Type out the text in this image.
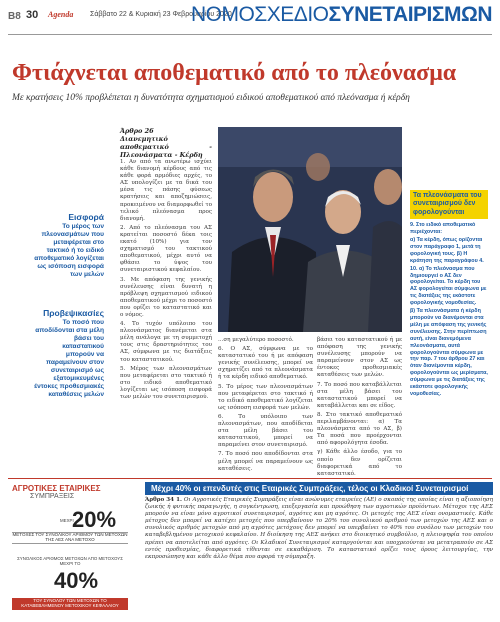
B8 30 Agenda Σάββατο 22 & Κυριακή 23 Φεβρουαρίου 2020
ΝΟΜΟΣΧΕΔΙΟΣΥΝΕΤΑΙΡΙΣΜΩΝ
Φτιάχνεται αποθεματικό από το πλεόνασμα
Με κρατήσεις 10% προβλέπεται η δυνατότητα σχηματισμού ειδικού αποθεματικού από πλεόνασμα ή κέρδη
Εισφορά
Το μέρος των πλεονασμάτων που μεταφέρεται στο τακτικό ή το ειδικό αποθεματικό λογίζεται ως ισόποση εισφορά των μελών
Προβεψικασίες
Το ποσό που αποδίδονται στα μέλη βάσει του καταστατικού μπορούν να παραμείνουν στον συνεταιρισμό ως εξατομικευμένες έντοκες προθεσμιακές καταθέσεις μελών
Άρθρο 26
Διανεμητικό αποθεματικό - Πλεονάσματα - Κέρδη

1. Αν από τα ανωτέρω ισχύει κάθε διανομή κέρδους από τις κάθε φορά αρμόδιες αρχές, το ΑΣ υπολογίζει με τα δικά του μέσα τις πάσης φύσεως κρατήσεις και αποζημιώσεις, προκειμένου να διαμορφωθεί το τελικό πλεόνασμα προς διανομή.

2. Από το πλεόνασμα του ΑΣ κρατείται ποσοστό δέκα τοις εκατό (10%) για τον σχηματισμό του τακτικού αποθεματικού, μέχρι αυτό να φθάσει το ύψος του συνεταιριστικού κεφαλαίου.

3. Με απόφαση της γενικής συνέλευσης είναι δυνατή η πρόβλεψη σχηματισμού ειδικού αποθεματικού μέχρι το ποσοστό που ορίζει το καταστατικό και ο νόμος.

4. Το τυχόν υπόλοιπο του πλεονάσματος διανέμεται στα μέλη ανάλογα με τη συμμετοχή τους στις δραστηριότητες του ΑΣ, σύμφωνα με τις διατάξεις του καταστατικού.

5. Μέρος των πλεονασμάτων που μεταφέρεται στο τακτικό ή στο ειδικό αποθεματικό λογίζεται ως ισόποση εισφορά των μελών του συνεταιρισμού.

...ση μεγαλύτερο ποσοστό.

6. Ο ΑΣ, σύμφωνα με το καταστατικό του ή με απόφαση γενικής συνέλευσης, μπορεί να σχηματίζει από τα πλεονάσματα ή τα κέρδη ειδικό αποθεματικό.

5. Το μέρος των πλεονασμάτων που μεταφέρεται στο τακτικό ή το ειδικό αποθεματικό λογίζεται ως ισόποση εισφορά των μελών.

6. Το υπόλοιπο των πλεονασμάτων, που αποδίδεται στα μέλη βάσει του καταστατικού, μπορεί να παραμείνει στον συνεταιρισμό.

7. Το ποσό που αποδίδονται στα μέλη μπορεί να παραμείνουν ως καταθέσεις.

βάσει του καταστατικού ή με απόφαση της γενικής συνέλευσης μπορούν να παραμείνουν στον ΑΣ ως έντοκες προθεσμιακές καταθέσεις των μελών.

7. Το ποσό που καταβάλλεται στα μέλη βάσει του καταστατικού μπορεί να καταβάλλεται και σε είδος.

8. Στο τακτικό αποθεματικό περιλαμβάνονται: α) Τα πλεονάσματα από το ΑΣ, β) Τα ποσά που προέρχονται από αφορολόγητα έσοδα.

γ) Κάθε άλλο έσοδο, για το οποίο δεν ορίζεται διαφορετικά από το καταστατικό.

Τα πλεονάσματα του συνεταιρισμού δεν φορολογούνται

9. Στο ειδικό αποθεματικό περιέχονται:

α) Τα κέρδη, όπως ορίζονται στον παράγραφο 1, μετά τη φορολογική τους. β) Η κράτηση της παραγράφου 4.

10. α) Το πλεόνασμα που δημιουργεί ο ΑΣ δεν φορολογείται. Το κέρδη του ΑΣ φορολογείται σύμφωνα με τις διατάξεις της εκάστοτε φορολογικής νομοθεσίας.

β) Τα πλεονάσματα ή κέρδη μπορούν να διανέμονται στα μέλη με απόφαση της γενικής συνέλευσης. Στην περίπτωση αυτή, είναι διανεμόμενα πλεονάσματα, αυτά φορολογούνται σύμφωνα με την παρ. 7 του άρθρου 27 και όταν διανέμονται κέρδη, φορολογούνται ως μερίσματα, σύμφωνα με τις διατάξεις της εκάστοτε φορολογικής νομοθεσίας.

ΑΓΡΟΤΙΚΕΣ ΕΤΑΙΡΙΚΕΣ
ΣΥΜΠΡΑΞΕΙΣ
ΜΕΧΡΙ
20%
ΜΕΤΟΧΕΣ ΤΟΥ ΣΥΝΟΛΙΚΟΥ ΑΡΙΘΜΟΥ ΤΩΝ ΜΕΤΟΧΩΝ ΤΗΣ ΑΕΣ ΑΝΑ ΜΕΤΟΧΟ
ΣΥΝΟΛΙΚΟΣ ΑΡΙΘΜΟΣ ΜΕΤΟΧΩΝ ΑΠΟ ΜΕΤΟΧΟΥΣ ΜΕΧΡΙ ΤΟ
40%
ΤΟΥ ΣΥΝΟΛΟΥ ΤΩΝ ΜΕΤΟΧΩΝ ΤΟ ΚΑΤΑΒΕΒΛΗΜΕΝΟΥ ΜΕΤΟΧΙΚΟΥ ΚΕΦΑΛΑΙΟΥ
Μέχρι 40% οι επενδυτές στις Εταιρικές Συμπράξεις, τέλος οι Κλαδικοί Συνεταιρισμοί
Άρθρο 34 1. Οι Αγροτικές Εταιρικές Συμπράξεις είναι ανώνυμες εταιρείες (ΑΕ) ο σκοπός της οποίας είναι η αξιοποίηση ζωικής ή φυτικής παραγωγής, η συγκέντρωση, επεξεργασία και προώθηση των αγροτικών προϊόντων. Μέτοχοι της ΑΕΣ μπορούν να είναι μόνο αγροτικοί συνεταιρισμοί, αγρότες και μη αγρότες. Οι μετοχές της ΑΕΣ είναι ονομαστικές. Κάθε μέτοχος δεν μπορεί να κατέχει μετοχές που υπερβαίνουν το 20% του συνολικού αριθμού των μετοχών της ΑΕΣ και ο συνολικός αριθμός μετοχών από μη αγρότες μετόχους δεν μπορεί να υπερβαίνει το 40% του συνόλου των μετοχών του καταβεβλημένου μετοχικού κεφαλαίου. Η διοίκηση της ΑΕΣ ανήκει στο διοικητικό συμβούλιο, η πλειοψηφία του οποίου πρέπει να αποτελείται από αγρότες. Οι Κλαδικοί Συνεταιρισμοί καταργούνται και υποχρεούνται να μετατραπούν σε ΑΣ εντός προθεσμίας, διαφορετικά τίθενται σε εκκαθάριση. Το καταστατικό ορίζει τους όρους λειτουργίας, την εκπροσώπηση και κάθε άλλο θέμα που αφορά τη σύμπραξη.
